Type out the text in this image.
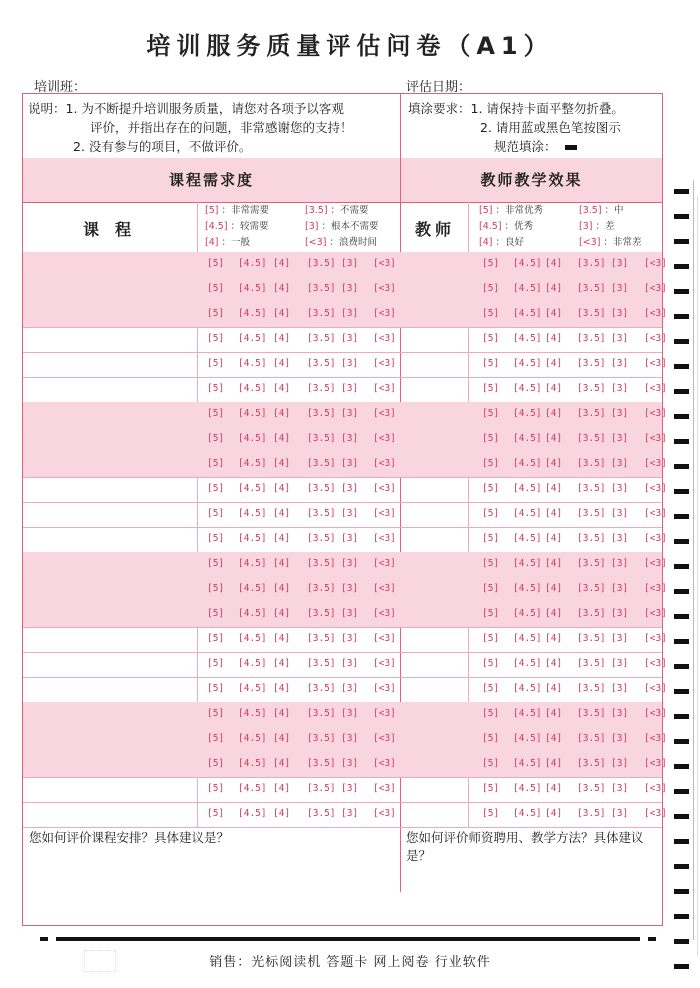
培训服务质量评估问卷（A1）
培训班：	评估日期：
说明：1. 为不断提升培训服务质量，请您对各项予以客观
评价，并指出存在的问题，非常感谢您的支持！
2. 没有参与的项目，不做评价。
填涂要求：1. 请保持卡面平整勿折叠。
2. 请用蓝或黑色笔按图示
规范填涂：
课程需求度	教师教学效果
课程	教师
[5] ：非常需要	[3.5] ：不需要
[4.5] ：较需要	[3] ：根本不需要
[4] ：一般	[<3] ：浪费时间
[5] ：非常优秀	[3.5] ：中
[4.5] ：优秀	[3] ：差
[4] ：良好	[<3] ：非常差
[5] [4.5] [4] [3.5] [3] [<3]	[5] [4.5] [4] [3.5] [3] [<3]
[5] [4.5] [4] [3.5] [3] [<3]	[5] [4.5] [4] [3.5] [3] [<3]
[5] [4.5] [4] [3.5] [3] [<3]	[5] [4.5] [4] [3.5] [3] [<3]
[5] [4.5] [4] [3.5] [3] [<3]	[5] [4.5] [4] [3.5] [3] [<3]
[5] [4.5] [4] [3.5] [3] [<3]	[5] [4.5] [4] [3.5] [3] [<3]
[5] [4.5] [4] [3.5] [3] [<3]	[5] [4.5] [4] [3.5] [3] [<3]
[5] [4.5] [4] [3.5] [3] [<3]	[5] [4.5] [4] [3.5] [3] [<3]
[5] [4.5] [4] [3.5] [3] [<3]	[5] [4.5] [4] [3.5] [3] [<3]
[5] [4.5] [4] [3.5] [3] [<3]	[5] [4.5] [4] [3.5] [3] [<3]
[5] [4.5] [4] [3.5] [3] [<3]	[5] [4.5] [4] [3.5] [3] [<3]
[5] [4.5] [4] [3.5] [3] [<3]	[5] [4.5] [4] [3.5] [3] [<3]
[5] [4.5] [4] [3.5] [3] [<3]	[5] [4.5] [4] [3.5] [3] [<3]
[5] [4.5] [4] [3.5] [3] [<3]	[5] [4.5] [4] [3.5] [3] [<3]
[5] [4.5] [4] [3.5] [3] [<3]	[5] [4.5] [4] [3.5] [3] [<3]
[5] [4.5] [4] [3.5] [3] [<3]	[5] [4.5] [4] [3.5] [3] [<3]
[5] [4.5] [4] [3.5] [3] [<3]	[5] [4.5] [4] [3.5] [3] [<3]
[5] [4.5] [4] [3.5] [3] [<3]	[5] [4.5] [4] [3.5] [3] [<3]
[5] [4.5] [4] [3.5] [3] [<3]	[5] [4.5] [4] [3.5] [3] [<3]
[5] [4.5] [4] [3.5] [3] [<3]	[5] [4.5] [4] [3.5] [3] [<3]
[5] [4.5] [4] [3.5] [3] [<3]	[5] [4.5] [4] [3.5] [3] [<3]
[5] [4.5] [4] [3.5] [3] [<3]	[5] [4.5] [4] [3.5] [3] [<3]
[5] [4.5] [4] [3.5] [3] [<3]	[5] [4.5] [4] [3.5] [3] [<3]
[5] [4.5] [4] [3.5] [3] [<3]	[5] [4.5] [4] [3.5] [3] [<3]
您如何评价课程安排？具体建议是？	您如何评价师资聘用、教学方法？具体建议是？
销售：光标阅读机 答题卡 网上阅卷 行业软件
